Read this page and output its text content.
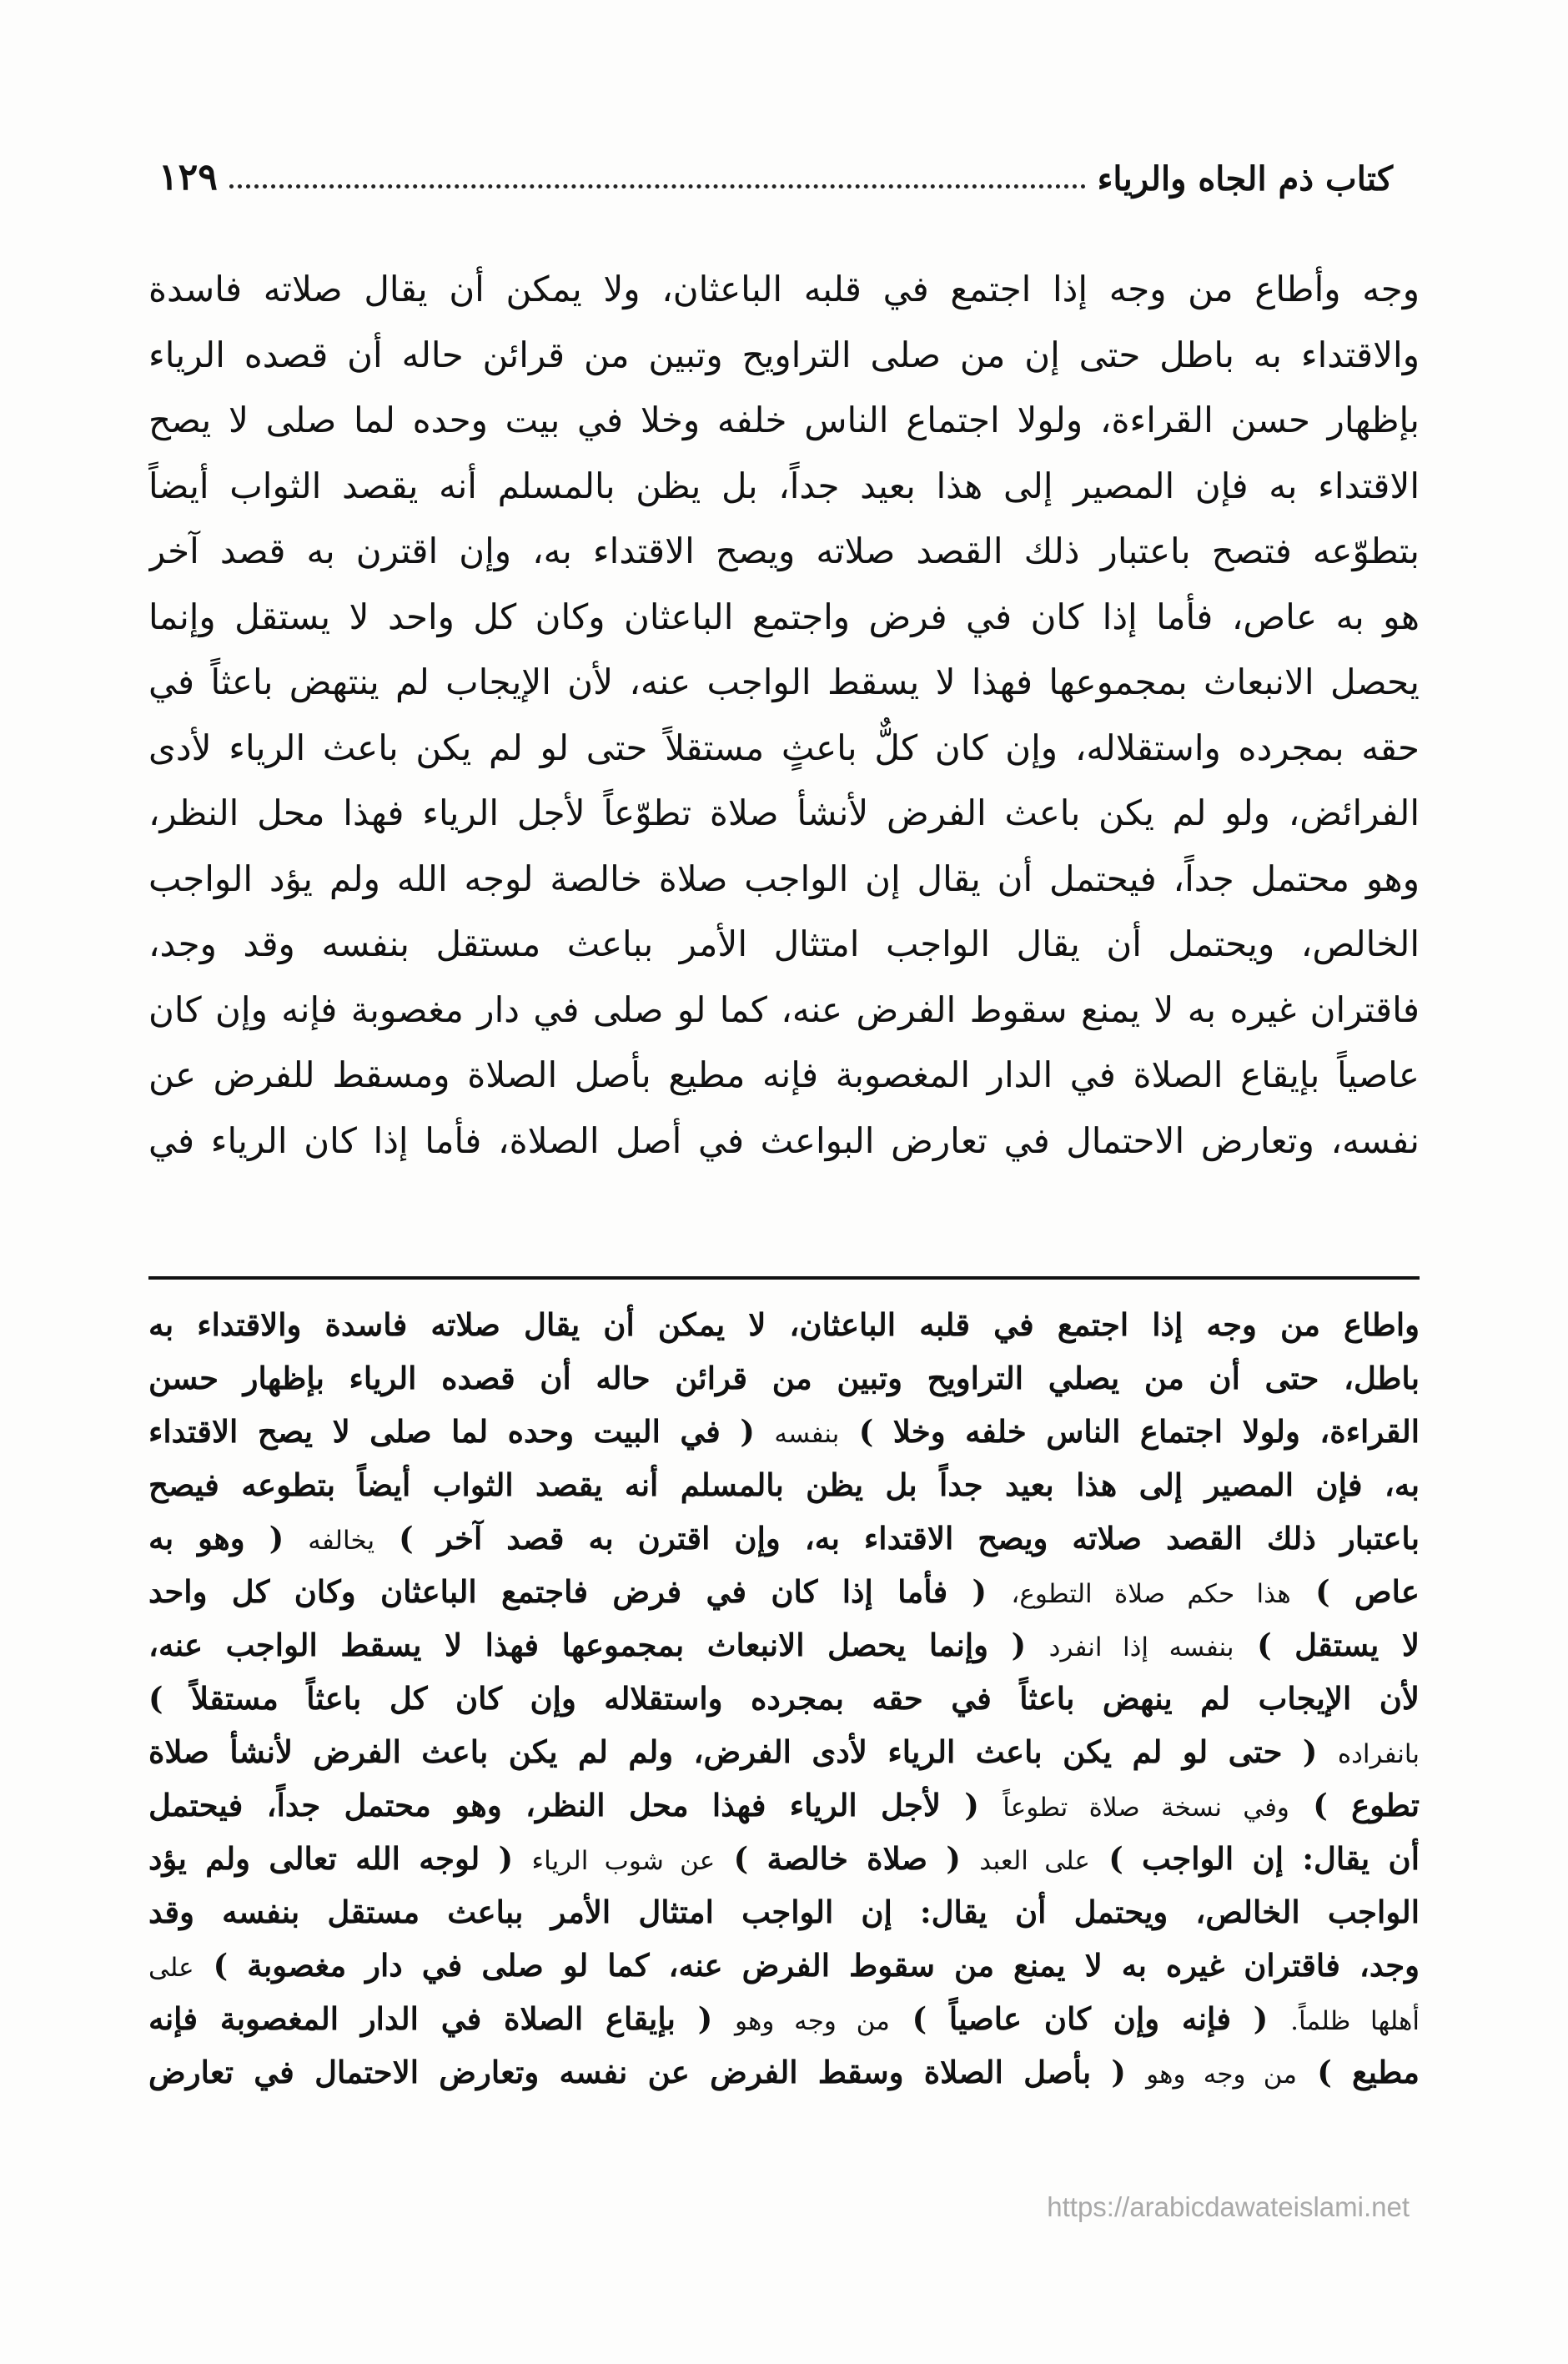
كتاب ذم الجاه والرياء
١٢٩
وجه وأطاع من وجه إذا اجتمع في قلبه الباعثان، ولا يمكن أن يقال صلاته فاسدة
والاقتداء به باطل حتى إن من صلى التراويح وتبين من قرائن حاله أن قصده الرياء
بإظهار حسن القراءة، ولولا اجتماع الناس خلفه وخلا في بيت وحده لما صلى لا يصح
الاقتداء به فإن المصير إلى هذا بعيد جداً، بل يظن بالمسلم أنه يقصد الثواب أيضاً
بتطوّعه فتصح باعتبار ذلك القصد صلاته ويصح الاقتداء به، وإن اقترن به قصد آخر
هو به عاص، فأما إذا كان في فرض واجتمع الباعثان وكان كل واحد لا يستقل وإنما
يحصل الانبعاث بمجموعها فهذا لا يسقط الواجب عنه، لأن الإيجاب لم ينتهض باعثاً في
حقه بمجرده واستقلاله، وإن كان كلٌّ باعثٍ مستقلاً حتى لو لم يكن باعث الرياء لأدى
الفرائض، ولو لم يكن باعث الفرض لأنشأ صلاة تطوّعاً لأجل الرياء فهذا محل النظر،
وهو محتمل جداً، فيحتمل أن يقال إن الواجب صلاة خالصة لوجه الله ولم يؤد الواجب
الخالص، ويحتمل أن يقال الواجب امتثال الأمر بباعث مستقل بنفسه وقد وجد،
فاقتران غيره به لا يمنع سقوط الفرض عنه، كما لو صلى في دار مغصوبة فإنه وإن كان
عاصياً بإيقاع الصلاة في الدار المغصوبة فإنه مطيع بأصل الصلاة ومسقط للفرض عن
نفسه، وتعارض الاحتمال في تعارض البواعث في أصل الصلاة، فأما إذا كان الرياء في
واطاع من وجه إذا اجتمع في قلبه الباعثان، لا يمكن أن يقال صلاته فاسدة والاقتداء به
باطل، حتى أن من يصلي التراويح وتبين من قرائن حاله أن قصده الرياء بإظهار حسن
القراءة، ولولا اجتماع الناس خلفه وخلا ) بنفسه ( في البيت وحده لما صلى لا يصح الاقتداء
به، فإن المصير إلى هذا بعيد جداً بل يظن بالمسلم أنه يقصد الثواب أيضاً بتطوعه فيصح
باعتبار ذلك القصد صلاته ويصح الاقتداء به، وإن اقترن به قصد آخر ) يخالفه ( وهو به
عاص ) هذا حكم صلاة التطوع، ( فأما إذا كان في فرض فاجتمع الباعثان وكان كل واحد
لا يستقل ) بنفسه إذا انفرد ( وإنما يحصل الانبعاث بمجموعها فهذا لا يسقط الواجب عنه،
لأن الإيجاب لم ينهض باعثاً في حقه بمجرده واستقلاله وإن كان كل باعثاً مستقلاً )
بانفراده ( حتى لو لم يكن باعث الرياء لأدى الفرض، ولم لم يكن باعث الفرض لأنشأ صلاة
تطوع ) وفي نسخة صلاة تطوعاً ( لأجل الرياء فهذا محل النظر، وهو محتمل جداً، فيحتمل
أن يقال: إن الواجب ) على العبد ( صلاة خالصة ) عن شوب الرياء ( لوجه الله تعالى ولم يؤد
الواجب الخالص، ويحتمل أن يقال: إن الواجب امتثال الأمر بباعث مستقل بنفسه وقد
وجد، فاقتران غيره به لا يمنع من سقوط الفرض عنه، كما لو صلى في دار مغصوبة ) على
أهلها ظلماً. ( فإنه وإن كان عاصياً ) من وجه وهو ( بإيقاع الصلاة في الدار المغصوبة فإنه
مطيع ) من وجه وهو ( بأصل الصلاة وسقط الفرض عن نفسه وتعارض الاحتمال في تعارض
https://arabicdawateislami.net
